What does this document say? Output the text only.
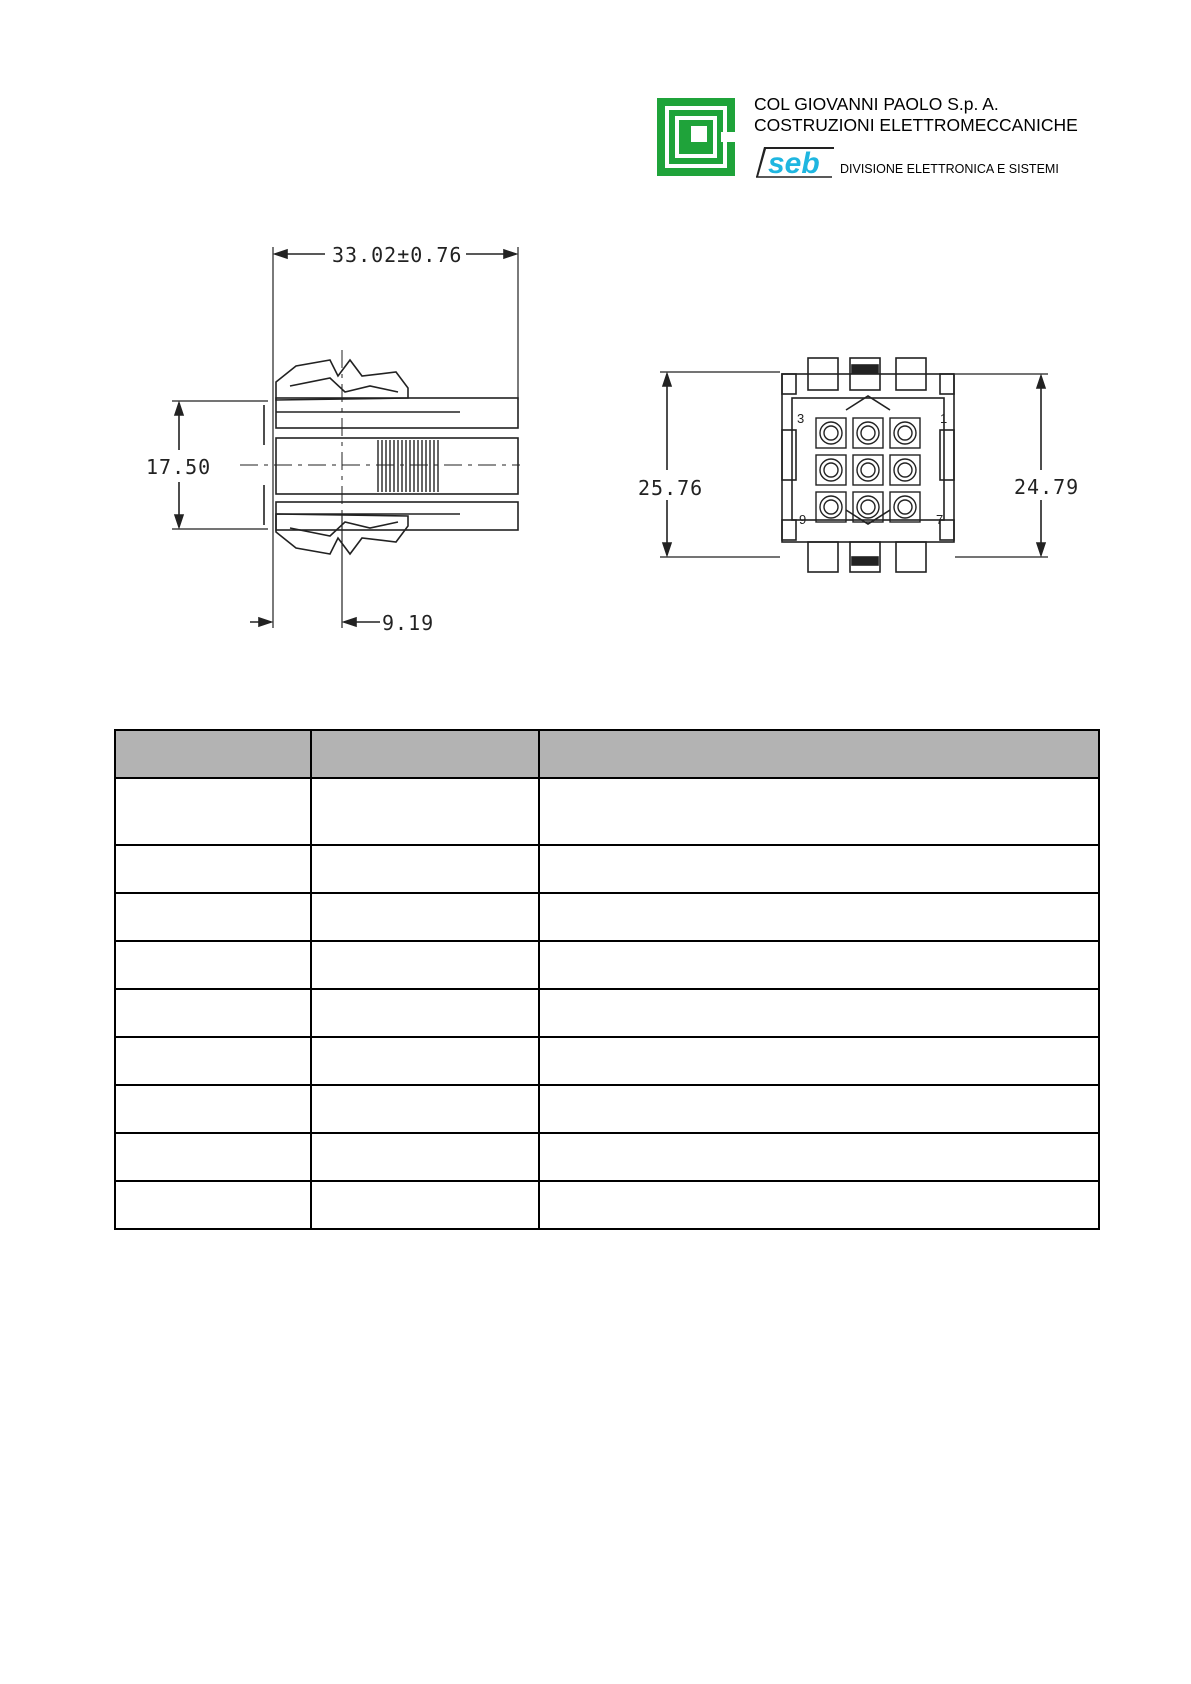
COL GIOVANNI PAOLO S.p. A.
COSTRUZIONI ELETTROMECCANICHE
seb DIVISIONE ELETTRONICA E SISTEMI
33.02±0.76
17.50
9.19
3	1
9	7
25.76	24.79
